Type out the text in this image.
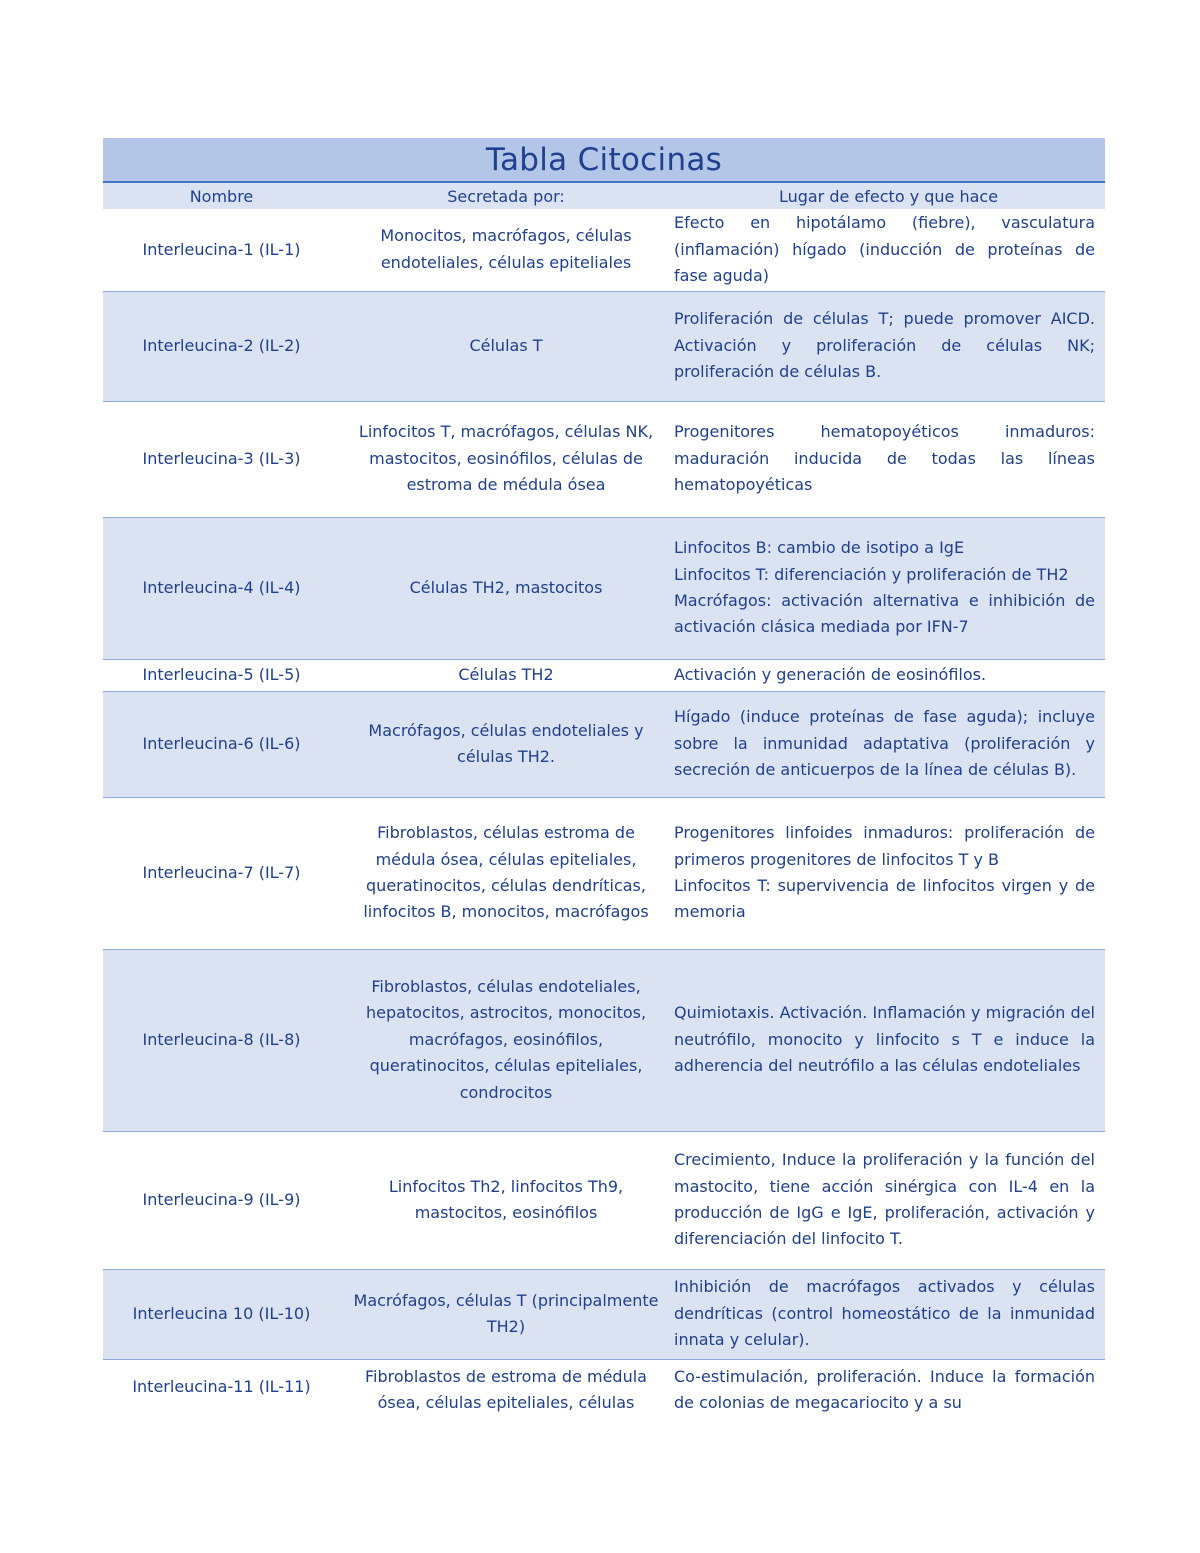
Tabla Citocinas
Nombre	Secretada por:	Lugar de efecto y que hace
Interleucina-1 (IL-1)	Monocitos, macrófagos, células endoteliales, células epiteliales	Efecto en hipotálamo (fiebre), vasculatura (inflamación) hígado (inducción de proteínas de fase aguda)

Interleucina-2 (IL-2)	Células T	Proliferación de células T; puede promover AICD. Activación y proliferación de células NK; proliferación de células B.

Interleucina-3 (IL-3)	Linfocitos T, macrófagos, células NK, mastocitos, eosinófilos, células de estroma de médula ósea	Progenitores hematopoyéticos inmaduros: maduración inducida de todas las líneas hematopoyéticas

Interleucina-4 (IL-4)	Células TH2, mastocitos	Linfocitos B: cambio de isotipo a IgE
Linfocitos T: diferenciación y proliferación de TH2
Macrófagos: activación alternativa e inhibición de activación clásica mediada por IFN-7

Interleucina-5 (IL-5)	Células TH2	Activación y generación de eosinófilos.

Interleucina-6 (IL-6)	Macrófagos, células endoteliales y células TH2.	Hígado (induce proteínas de fase aguda); incluye sobre la inmunidad adaptativa (proliferación y secreción de anticuerpos de la línea de células B).

Interleucina-7 (IL-7)	Fibroblastos, células estroma de médula ósea, células epiteliales, queratinocitos, células dendríticas, linfocitos B, monocitos, macrófagos	Progenitores linfoides inmaduros: proliferación de primeros progenitores de linfocitos T y B
Linfocitos T: supervivencia de linfocitos virgen y de memoria

Interleucina-8 (IL-8)	Fibroblastos, células endoteliales, hepatocitos, astrocitos, monocitos, macrófagos, eosinófilos, queratinocitos, células epiteliales, condrocitos	Quimiotaxis. Activación. Inflamación y migración del neutrófilo, monocito y linfocito s T e induce la adherencia del neutrófilo a las células endoteliales

Interleucina-9 (IL-9)	Linfocitos Th2, linfocitos Th9, mastocitos, eosinófilos	Crecimiento, Induce la proliferación y la función del mastocito, tiene acción sinérgica con IL-4 en la producción de IgG e IgE, proliferación, activación y diferenciación del linfocito T.

Interleucina 10 (IL-10)	Macrófagos, células T (principalmente TH2)	Inhibición de macrófagos activados y células dendríticas (control homeostático de la inmunidad innata y celular).

Interleucina-11 (IL-11)	Fibroblastos de estroma de médula ósea, células epiteliales, células	Co-estimulación, proliferación. Induce la formación de colonias de megacariocito y a su
